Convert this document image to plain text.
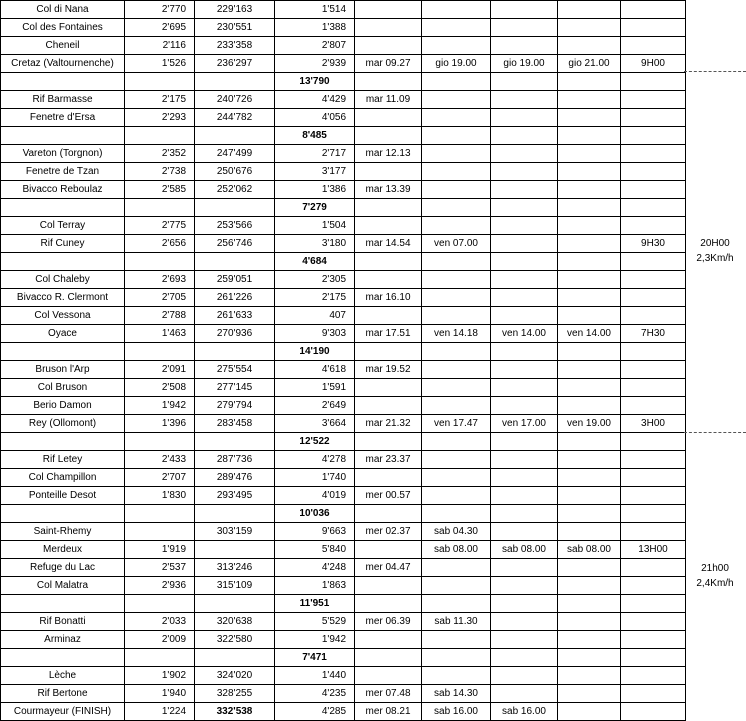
Col di Nana	2'770	229'163	1'514					
Col des Fontaines	2'695	230'551	1'388					
Cheneil	2'116	233'358	2'807					
Cretaz (Valtournenche)	1'526	236'297	2'939	mar 09.27	gio 19.00	gio 19.00	gio 21.00	9H00
			13'790					
Rif Barmasse	2'175	240'726	4'429	mar 11.09				
Fenetre d'Ersa	2'293	244'782	4'056					
			8'485					
Vareton (Torgnon)	2'352	247'499	2'717	mar 12.13				
Fenetre de Tzan	2'738	250'676	3'177					
Bivacco Reboulaz	2'585	252'062	1'386	mar 13.39				
			7'279					
Col Terray	2'775	253'566	1'504					
Rif Cuney	2'656	256'746	3'180	mar 14.54	ven 07.00			9H30
			4'684					
Col Chaleby	2'693	259'051	2'305					
Bivacco R. Clermont	2'705	261'226	2'175	mar 16.10				
Col Vessona	2'788	261'633	407					
Oyace	1'463	270'936	9'303	mar 17.51	ven 14.18	ven 14.00	ven 14.00	7H30
			14'190					
Bruson l'Arp	2'091	275'554	4'618	mar 19.52				
Col Bruson	2'508	277'145	1'591					
Berio Damon	1'942	279'794	2'649					
Rey (Ollomont)	1'396	283'458	3'664	mar 21.32	ven 17.47	ven 17.00	ven 19.00	3H00
			12'522					
Rif Letey	2'433	287'736	4'278	mar 23.37				
Col Champillon	2'707	289'476	1'740					
Ponteille Desot	1'830	293'495	4'019	mer 00.57				
			10'036					
Saint-Rhemy		303'159	9'663	mer 02.37	sab 04.30			
Merdeux	1'919		5'840		sab 08.00	sab 08.00	sab 08.00	13H00
Refuge du Lac	2'537	313'246	4'248	mer 04.47				
Col Malatra	2'936	315'109	1'863					
			11'951					
Rif Bonatti	2'033	320'638	5'529	mer 06.39	sab 11.30			
Arminaz	2'009	322'580	1'942					
			7'471					
Lèche	1'902	324'020	1'440					
Rif Bertone	1'940	328'255	4'235	mer 07.48	sab 14.30			
Courmayeur (FINISH)	1'224	332'538	4'285	mer 08.21	sab 16.00	sab 16.00		
20H00
2,3Km/h
21h00
2,4Km/h
